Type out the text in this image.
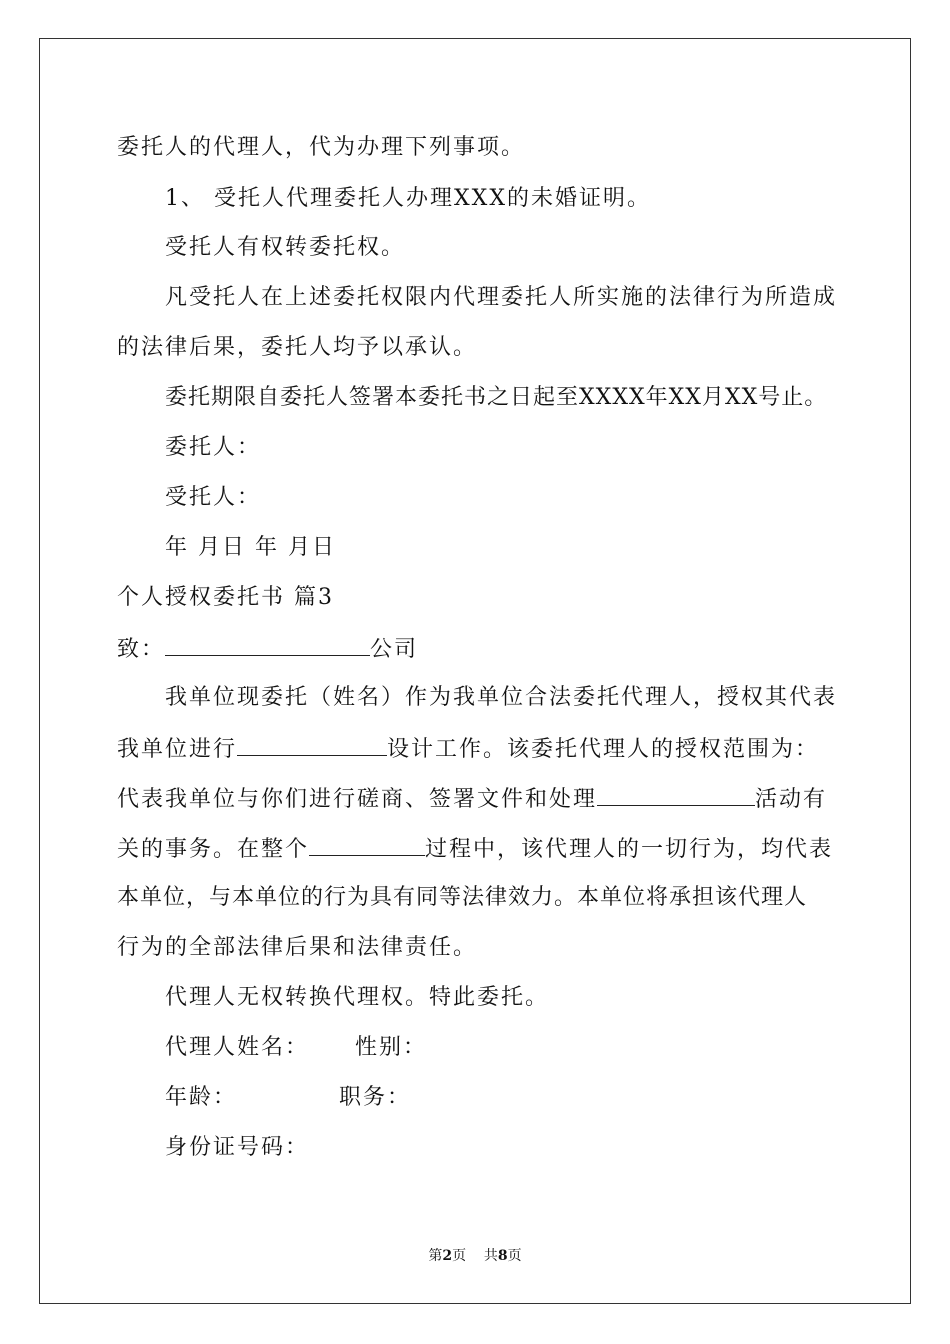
委托人的代理人，代为办理下列事项。
1、 受托人代理委托人办理XXX的未婚证明。
受托人有权转委托权。
凡受托人在上述委托权限内代理委托人所实施的法律行为所造成
的法律后果，委托人均予以承认。
委托期限自委托人签署本委托书之日起至XXXX年XX月XX号止。
委托人：
受托人：
年 月日 年 月日
个人授权委托书 篇3
致：	公司
我单位现委托（姓名）作为我单位合法委托代理人，授权其代表
我单位进行	设计工作。该委托代理人的授权范围为：
代表我单位与你们进行磋商、签署文件和处理	活动有
关的事务。在整个	过程中，该代理人的一切行为，均代表
本单位，与本单位的行为具有同等法律效力。本单位将承担该代理人
行为的全部法律后果和法律责任。
代理人无权转换代理权。特此委托。
代理人姓名： 性别：
年龄：	职务：
身份证号码：
第2页 共8页
